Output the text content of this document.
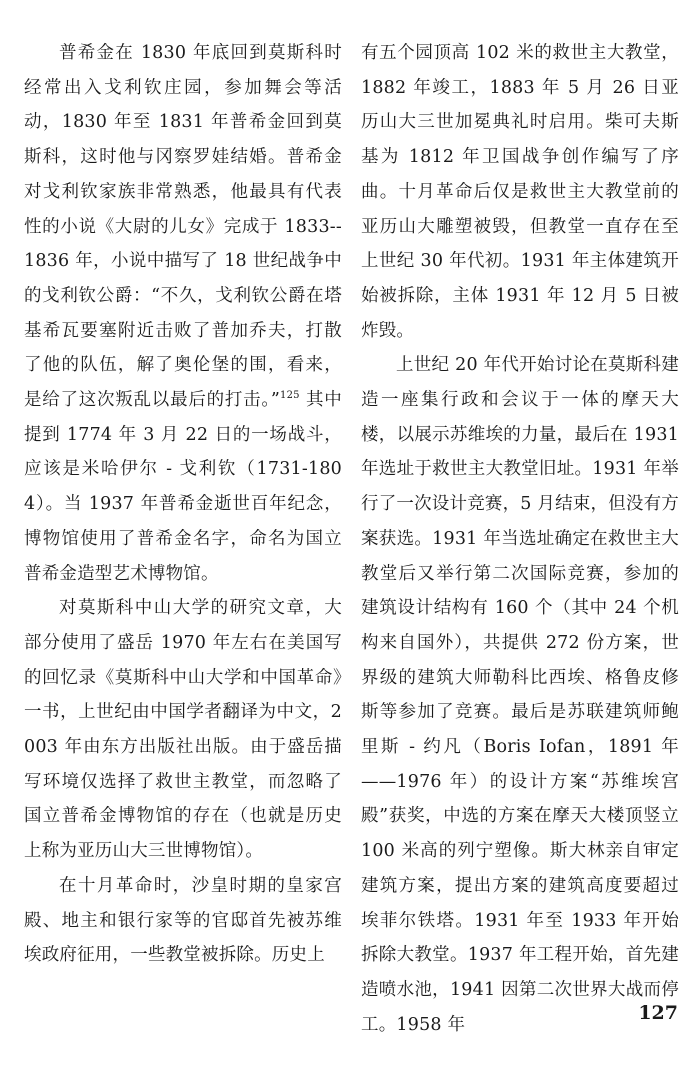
普希金在 1830 年底回到莫斯科时经常出入戈利钦庄园，参加舞会等活动，1830 年至 1831 年普希金回到莫斯科，这时他与冈察罗娃结婚。普希金对戈利钦家族非常熟悉，他最具有代表性的小说《大尉的儿女》完成于 1833--1836 年，小说中描写了 18 世纪战争中的戈利钦公爵：“不久，戈利钦公爵在塔基希瓦要塞附近击败了普加乔夫，打散了他的队伍，解了奥伦堡的围，看来，是给了这次叛乱以最后的打击。”$^{125}$ 其中提到 1774 年 3 月 22 日的一场战斗，应该是米哈伊尔 - 戈利钦（1731-1804）。当 1937 年普希金逝世百年纪念，博物馆使用了普希金名字，命名为国立普希金造型艺术博物馆。

对莫斯科中山大学的研究文章，大部分使用了盛岳 1970 年左右在美国写的回忆录《莫斯科中山大学和中国革命》一书，上世纪由中国学者翻译为中文，2003 年由东方出版社出版。由于盛岳描写环境仅选择了救世主教堂，而忽略了国立普希金博物馆的存在（也就是历史上称为亚历山大三世博物馆）。

在十月革命时，沙皇时期的皇家宫殿、地主和银行家等的官邸首先被苏维埃政府征用，一些教堂被拆除。历史上

有五个园顶高 102 米的救世主大教堂，1882 年竣工，1883 年 5 月 26 日亚历山大三世加冕典礼时启用。柴可夫斯基为 1812 年卫国战争创作编写了序曲。十月革命后仅是救世主大教堂前的亚历山大雕塑被毁，但教堂一直存在至上世纪 30 年代初。1931 年主体建筑开始被拆除，主体 1931 年 12 月 5 日被炸毁。

上世纪 20 年代开始讨论在莫斯科建造一座集行政和会议于一体的摩天大楼，以展示苏维埃的力量，最后在 1931 年选址于救世主大教堂旧址。1931 年举行了一次设计竞赛，5 月结束，但没有方案获选。1931 年当选址确定在救世主大教堂后又举行第二次国际竞赛，参加的建筑设计结构有 160 个（其中 24 个机构来自国外），共提供 272 份方案，世界级的建筑大师勒科比西埃、格鲁皮修斯等参加了竞赛。最后是苏联建筑师鲍里斯 - 约凡（Boris Iofan，1891 年——1976 年）的设计方案“苏维埃宫殿”获奖，中选的方案在摩天大楼顶竖立 100 米高的列宁塑像。斯大林亲自审定建筑方案，提出方案的建筑高度要超过埃菲尔铁塔。1931 年至 1933 年开始拆除大教堂。1937 年工程开始，首先建造喷水池，1941 因第二次世界大战而停工。1958 年

127
